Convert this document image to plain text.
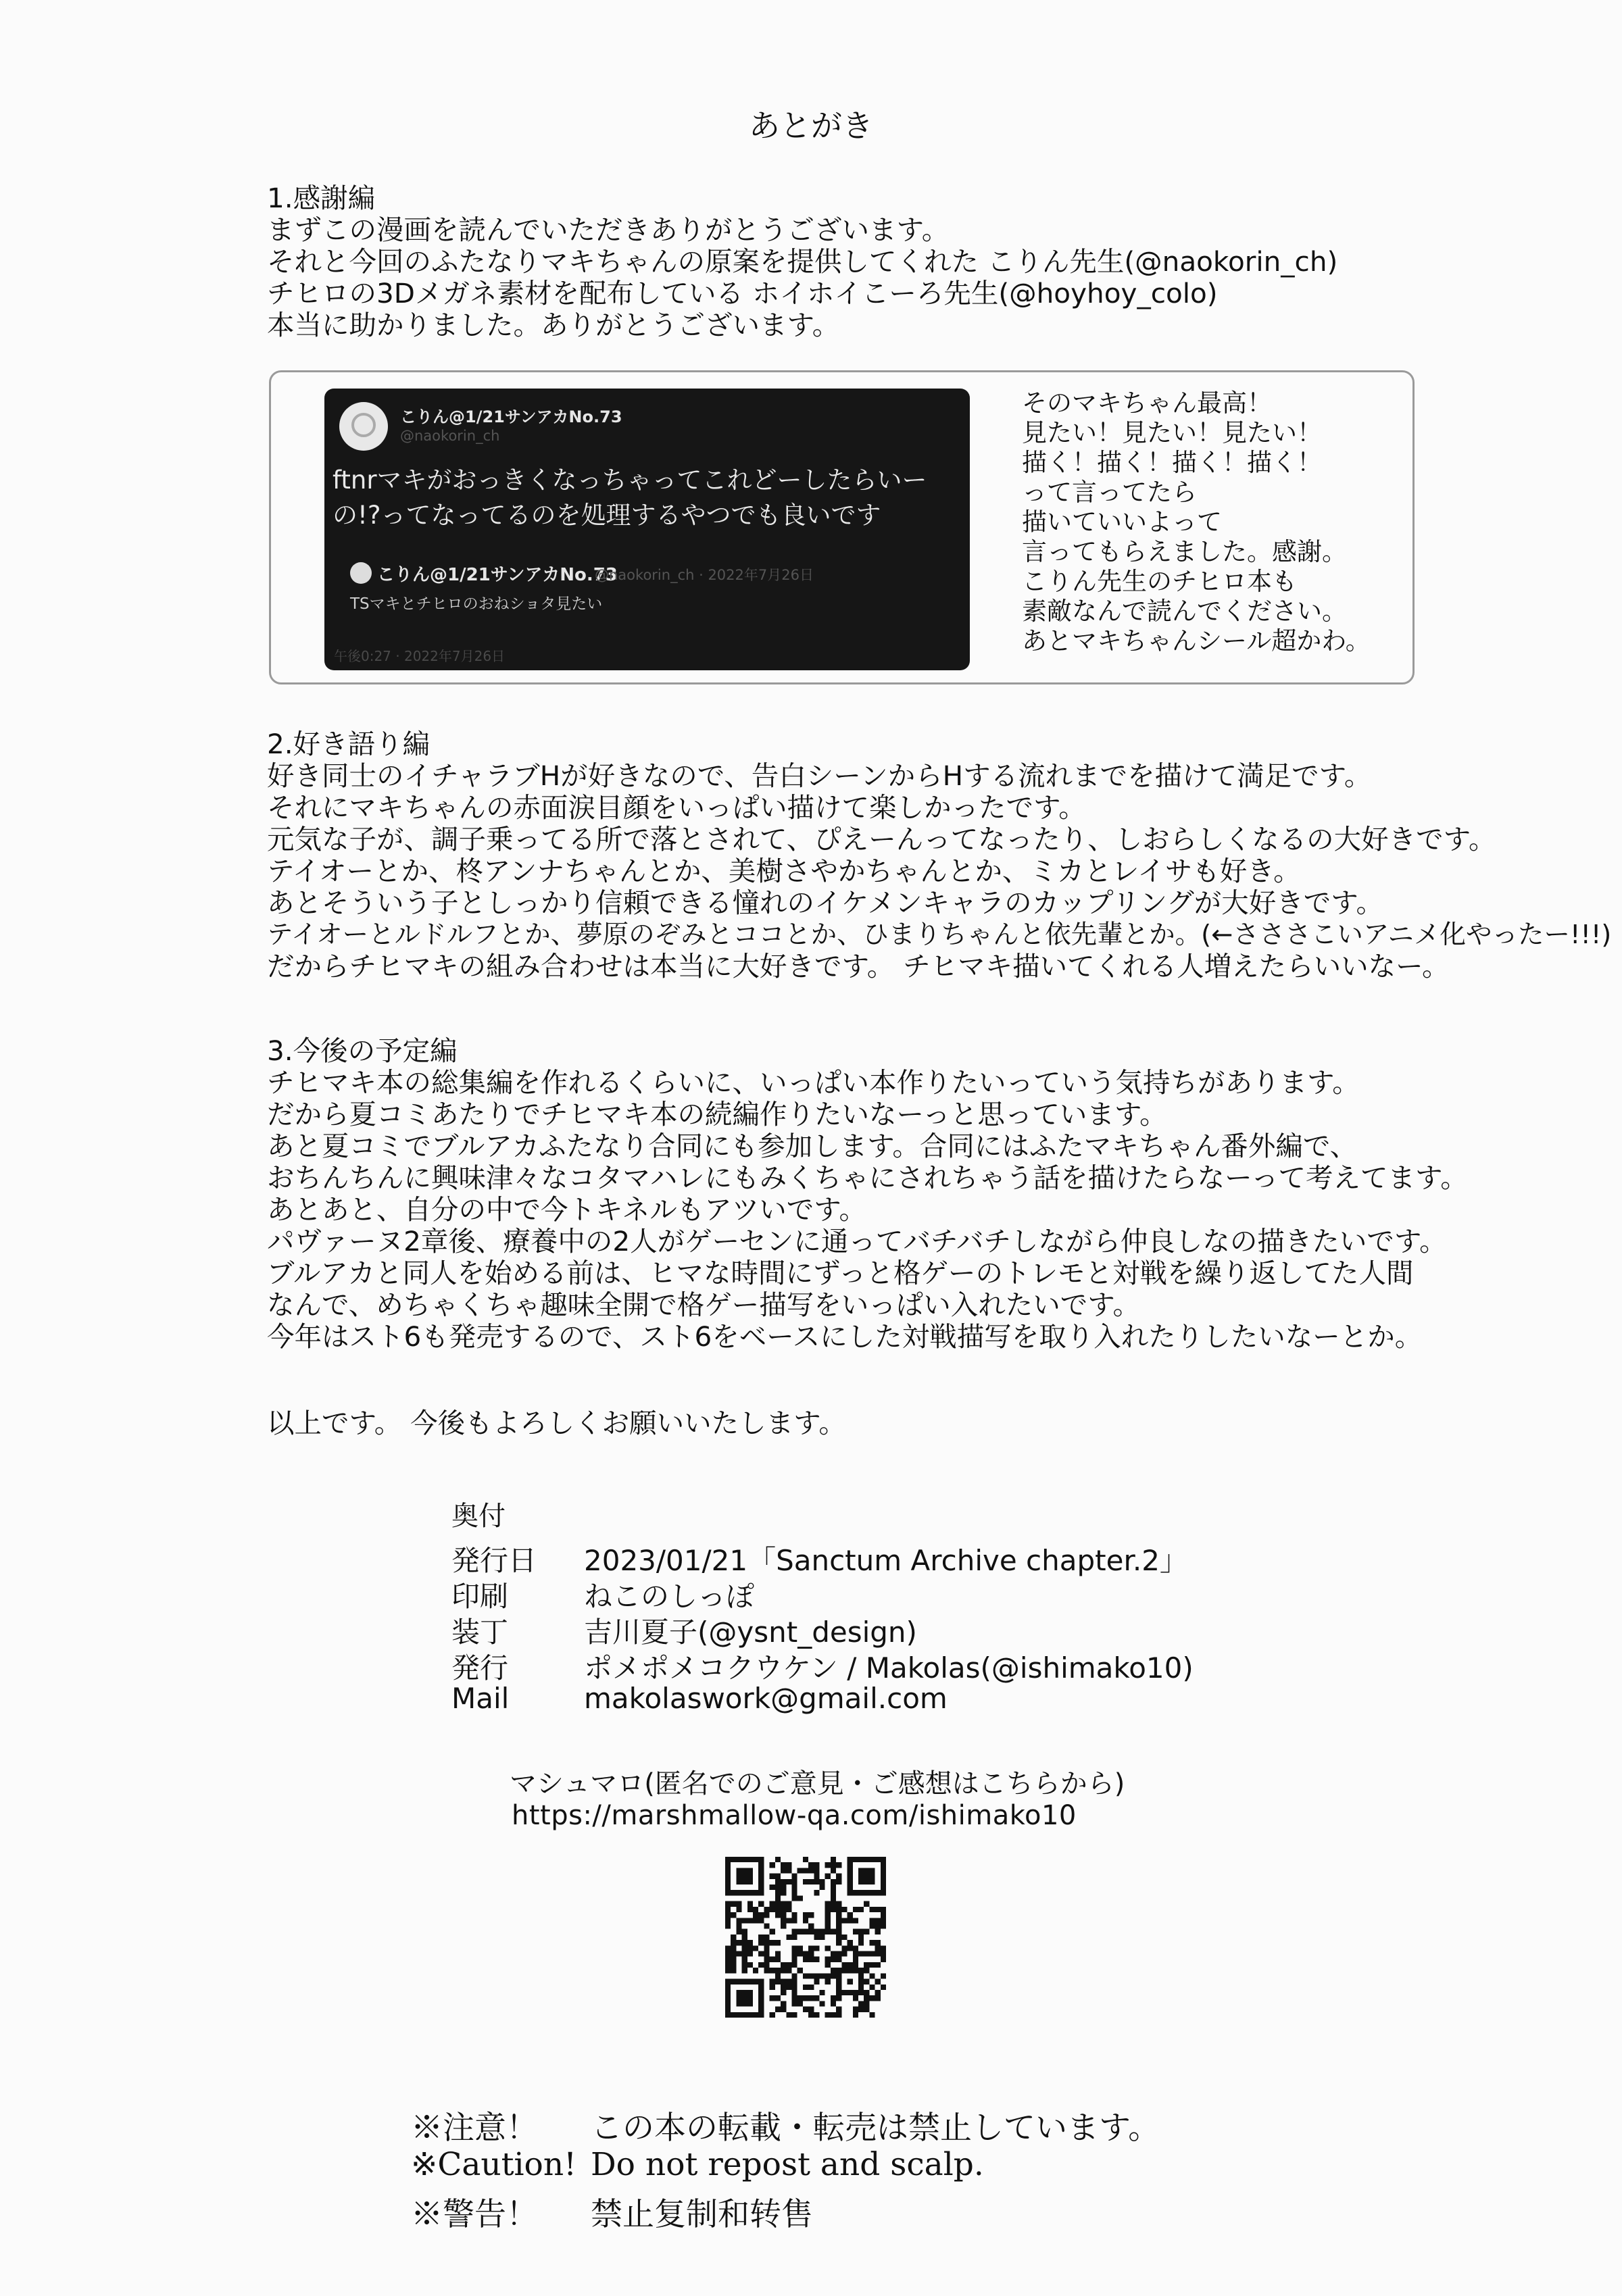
あとがき
1.感謝編
まずこの漫画を読んでいただきありがとうございます。
それと今回のふたなりマキちゃんの原案を提供してくれた こりん先生(@naokorin_ch)
チヒロの3Dメガネ素材を配布している ホイホイこーろ先生(@hoyhoy_colo)
本当に助かりました。ありがとうございます。
こりん@1/21サンアカNo.73
@naokorin_ch
ftnrマキがおっきくなっちゃってこれどーしたらいーの!?ってなってるのを処理するやつでも良いです
こりん@1/21サンアカNo.73
@naokorin_ch · 2022年7月26日
TSマキとチヒロのおねショタ見たい
午後0:27 · 2022年7月26日
そのマキちゃん最高！
見たい！見たい！見たい！
描く！描く！描く！描く！
って言ってたら
描いていいよって
言ってもらえました。感謝。
こりん先生のチヒロ本も
素敵なんで読んでください。
あとマキちゃんシール超かわ。
2.好き語り編
好き同士のイチャラブHが好きなので、告白シーンからHする流れまでを描けて満足です。
それにマキちゃんの赤面涙目顔をいっぱい描けて楽しかったです。
元気な子が、調子乗ってる所で落とされて、ぴえーんってなったり、しおらしくなるの大好きです。
テイオーとか、柊アンナちゃんとか、美樹さやかちゃんとか、ミカとレイサも好き。
あとそういう子としっかり信頼できる憧れのイケメンキャラのカップリングが大好きです。
テイオーとルドルフとか、夢原のぞみとココとか、ひまりちゃんと依先輩とか。(←さささこいアニメ化やったー!!!)
だからチヒマキの組み合わせは本当に大好きです。 チヒマキ描いてくれる人増えたらいいなー。
3.今後の予定編
チヒマキ本の総集編を作れるくらいに、いっぱい本作りたいっていう気持ちがあります。
だから夏コミあたりでチヒマキ本の続編作りたいなーっと思っています。
あと夏コミでブルアカふたなり合同にも参加します。合同にはふたマキちゃん番外編で、
おちんちんに興味津々なコタマハレにもみくちゃにされちゃう話を描けたらなーって考えてます。
あとあと、自分の中で今トキネルもアツいです。
パヴァーヌ2章後、療養中の2人がゲーセンに通ってバチバチしながら仲良しなの描きたいです。
ブルアカと同人を始める前は、ヒマな時間にずっと格ゲーのトレモと対戦を繰り返してた人間
なんで、めちゃくちゃ趣味全開で格ゲー描写をいっぱい入れたいです。
今年はスト6も発売するので、スト6をベースにした対戦描写を取り入れたりしたいなーとか。
以上です。 今後もよろしくお願いいたします。
奥付
発行日 2023/01/21「Sanctum Archive chapter.2」
印刷	ねこのしっぽ
装丁	吉川夏子(@ysnt_design)
発行	ポメポメコクウケン / Makolas(@ishimako10)
Mail	makolaswork@gmail.com
マシュマロ(匿名でのご意見・ご感想はこちらから)
https://marshmallow-qa.com/ishimako10
※注意！ この本の転載・転売は禁止しています。
※Caution! Do not repost and scalp.
※警告！ 禁止复制和转售
